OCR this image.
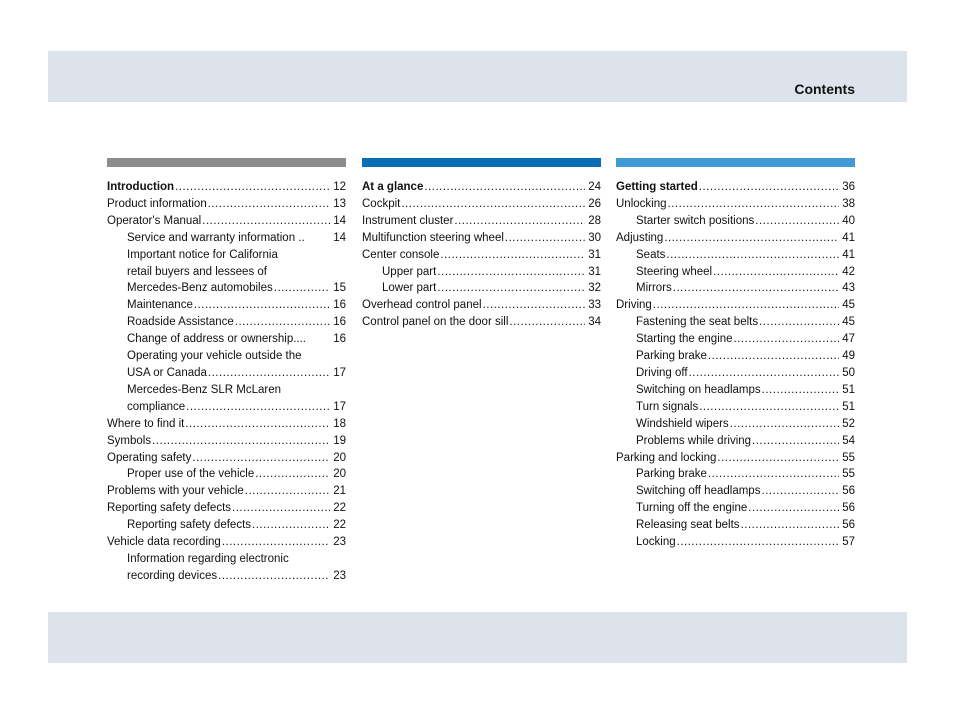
Contents
Introduction .....	12
Product information .....	13
Operator's Manual .....	14
Service and warranty information .. 14
Important notice for California
retail buyers and lessees of
Mercedes-Benz automobiles .....	15
Maintenance .....	16
Roadside Assistance .....	16
Change of address or ownership.... 16
Operating your vehicle outside the
USA or Canada .....	17
Mercedes-Benz SLR McLaren
compliance .....	17
Where to find it .....	18
Symbols .....	19
Operating safety .....	20
Proper use of the vehicle .....	20
Problems with your vehicle .....	21
Reporting safety defects .....	22
Reporting safety defects .....	22
Vehicle data recording .....	23
Information regarding electronic
recording devices .....	23
At a glance .....	24
Cockpit .....	26
Instrument cluster .....	28
Multifunction steering wheel .....	30
Center console .....	31
Upper part .....	31
Lower part .....	32
Overhead control panel .....	33
Control panel on the door sill .....	34
Getting started .....	36
Unlocking .....	38
Starter switch positions .....	40
Adjusting .....	41
Seats .....	41
Steering wheel .....	42
Mirrors .....	43
Driving .....	45
Fastening the seat belts .....	45
Starting the engine .....	47
Parking brake .....	49
Driving off .....	50
Switching on headlamps .....	51
Turn signals .....	51
Windshield wipers .....	52
Problems while driving .....	54
Parking and locking .....	55
Parking brake .....	55
Switching off headlamps .....	56
Turning off the engine .....	56
Releasing seat belts .....	56
Locking .....	57
